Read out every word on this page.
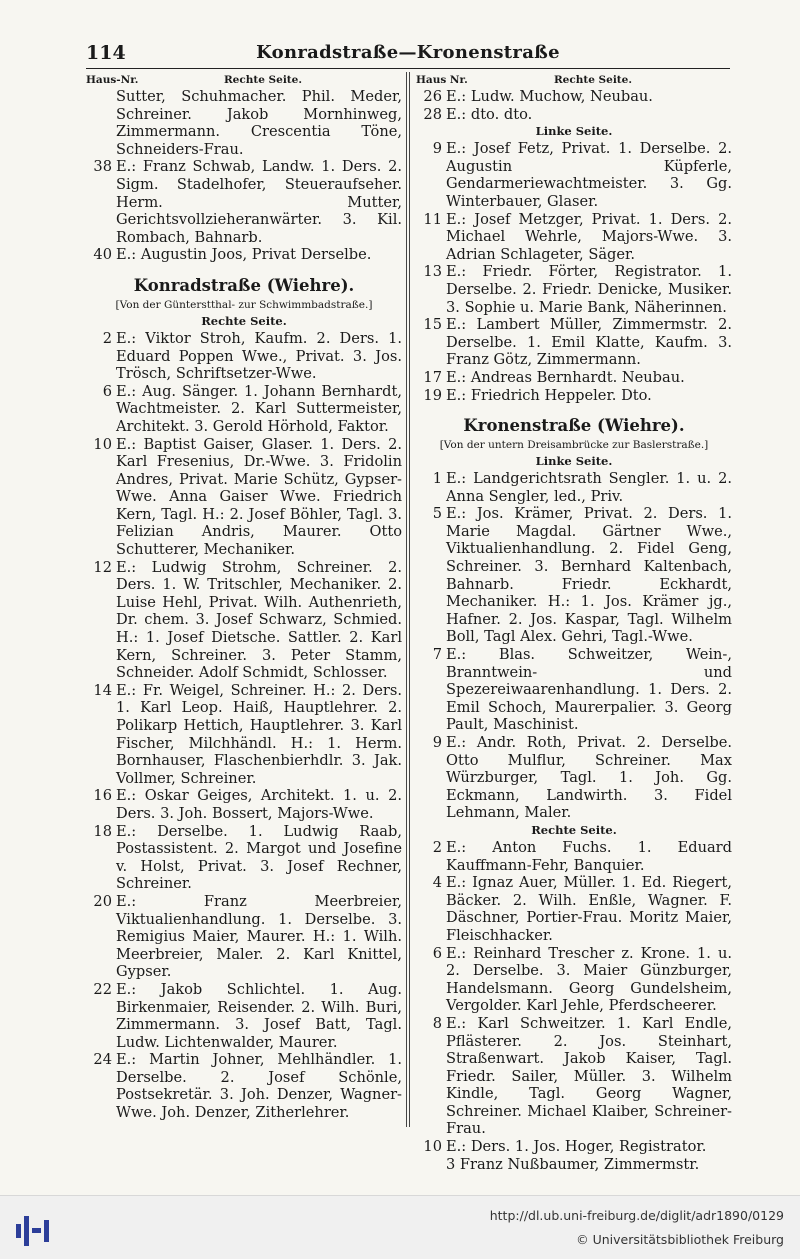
114	Konradstraße—Kronenstraße
Haus-Nr.	Rechte Seite.
Sutter, Schuhmacher. Phil. Meder, Schreiner. Jakob Mornhinweg, Zimmermann. Crescentia Töne, Schneiders-Frau.
38 E.: Franz Schwab, Landw. 1. Ders. 2. Sigm. Stadelhofer, Steueraufseher. Herm. Mutter, Gerichtsvollzieheranwärter. 3. Kil. Rombach, Bahnarb.
40 E.: Augustin Joos, Privat Derselbe.
Konradstraße (Wiehre).
[Von der Günterstthal- zur Schwimmbadstraße.]
Rechte Seite.
2 E.: Viktor Stroh, Kaufm. 2. Ders. 1. Eduard Poppen Wwe., Privat. 3. Jos. Trösch, Schriftsetzer-Wwe.
6 E.: Aug. Sänger. 1. Johann Bernhardt, Wachtmeister. 2. Karl Suttermeister, Architekt. 3. Gerold Hörhold, Faktor.
10 E.: Baptist Gaiser, Glaser. 1. Ders. 2. Karl Fresenius, Dr.-Wwe. 3. Fridolin Andres, Privat. Marie Schütz, Gypser-Wwe. Anna Gaiser Wwe. Friedrich Kern, Tagl. H.: 2. Josef Böhler, Tagl. 3. Felizian Andris, Maurer. Otto Schutterer, Mechaniker.
12 E.: Ludwig Strohm, Schreiner. 2. Ders. 1. W. Tritschler, Mechaniker. 2. Luise Hehl, Privat. Wilh. Authenrieth, Dr. chem. 3. Josef Schwarz, Schmied. H.: 1. Josef Dietsche. Sattler. 2. Karl Kern, Schreiner. 3. Peter Stamm, Schneider. Adolf Schmidt, Schlosser.
14 E.: Fr. Weigel, Schreiner. H.: 2. Ders. 1. Karl Leop. Haiß, Hauptlehrer. 2. Polikarp Hettich, Hauptlehrer. 3. Karl Fischer, Milchhändl. H.: 1. Herm. Bornhauser, Flaschenbierhdlr. 3. Jak. Vollmer, Schreiner.
16 E.: Oskar Geiges, Architekt. 1. u. 2. Ders. 3. Joh. Bossert, Majors-Wwe.
18 E.: Derselbe. 1. Ludwig Raab, Postassistent. 2. Margot und Josefine v. Holst, Privat. 3. Josef Rechner, Schreiner.
20 E.: Franz Meerbreier, Viktualienhandlung. 1. Derselbe. 3. Remigius Maier, Maurer. H.: 1. Wilh. Meerbreier, Maler. 2. Karl Knittel, Gypser.
22 E.: Jakob Schlichtel. 1. Aug. Birkenmaier, Reisender. 2. Wilh. Buri, Zimmermann. 3. Josef Batt, Tagl. Ludw. Lichtenwalder, Maurer.
24 E.: Martin Johner, Mehlhändler. 1. Derselbe. 2. Josef Schönle, Postsekretär. 3. Joh. Denzer, Wagner-Wwe. Joh. Denzer, Zitherlehrer.
Haus Nr.	Rechte Seite.
26 E.: Ludw. Muchow, Neubau.
28 E.: dto. dto.
Linke Seite.
9 E.: Josef Fetz, Privat. 1. Derselbe. 2. Augustin Küpferle, Gendarmeriewachtmeister. 3. Gg. Winterbauer, Glaser.
11 E.: Josef Metzger, Privat. 1. Ders. 2. Michael Wehrle, Majors-Wwe. 3. Adrian Schlageter, Säger.
13 E.: Friedr. Förter, Registrator. 1. Derselbe. 2. Friedr. Denicke, Musiker. 3. Sophie u. Marie Bank, Näherinnen.
15 E.: Lambert Müller, Zimmermstr. 2. Derselbe. 1. Emil Klatte, Kaufm. 3. Franz Götz, Zimmermann.
17 E.: Andreas Bernhardt. Neubau.
19 E.: Friedrich Heppeler. Dto.
Kronenstraße (Wiehre).
[Von der untern Dreisambrücke zur Baslerstraße.]
Linke Seite.
1 E.: Landgerichtsrath Sengler. 1. u. 2. Anna Sengler, led., Priv.
5 E.: Jos. Krämer, Privat. 2. Ders. 1. Marie Magdal. Gärtner Wwe., Viktualienhandlung. 2. Fidel Geng, Schreiner. 3. Bernhard Kaltenbach, Bahnarb. Friedr. Eckhardt, Mechaniker. H.: 1. Jos. Krämer jg., Hafner. 2. Jos. Kaspar, Tagl. Wilhelm Boll, Tagl Alex. Gehri, Tagl.-Wwe.
7 E.: Blas. Schweitzer, Wein-, Branntwein- und Spezereiwaarenhandlung. 1. Ders. 2. Emil Schoch, Maurerpalier. 3. Georg Pault, Maschinist.
9 E.: Andr. Roth, Privat. 2. Derselbe. Otto Mulflur, Schreiner. Max Würzburger, Tagl. 1. Joh. Gg. Eckmann, Landwirth. 3. Fidel Lehmann, Maler.
Rechte Seite.
2 E.: Anton Fuchs. 1. Eduard Kauffmann-Fehr, Banquier.
4 E.: Ignaz Auer, Müller. 1. Ed. Riegert, Bäcker. 2. Wilh. Enßle, Wagner. F. Däschner, Portier-Frau. Moritz Maier, Fleischhacker.
6 E.: Reinhard Trescher z. Krone. 1. u. 2. Derselbe. 3. Maier Günzburger, Handelsmann. Georg Gundelsheim, Vergolder. Karl Jehle, Pferdscheerer.
8 E.: Karl Schweitzer. 1. Karl Endle, Pflästerer. 2. Jos. Steinhart, Straßenwart. Jakob Kaiser, Tagl. Friedr. Sailer, Müller. 3. Wilhelm Kindle, Tagl. Georg Wagner, Schreiner. Michael Klaiber, Schreiner-Frau.
10 E.: Ders. 1. Jos. Hoger, Registrator.
3 Franz Nußbaumer, Zimmermstr.
http://dl.ub.uni-freiburg.de/diglit/adr1890/0129
© Universitätsbibliothek Freiburg
